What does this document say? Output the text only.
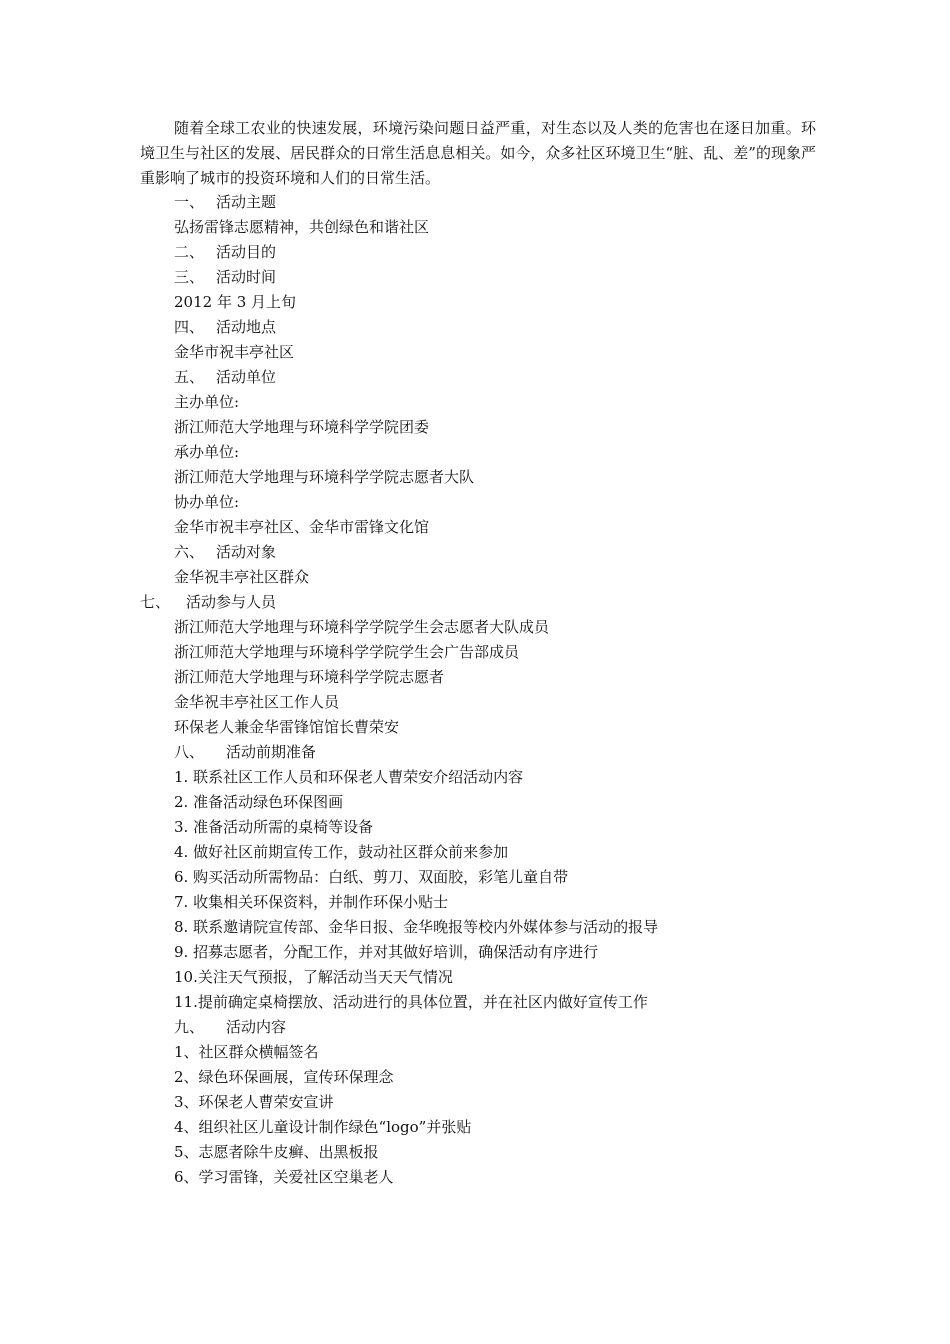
随着全球工农业的快速发展，环境污染问题日益严重，对生态以及人类的危害也在逐日加重。环境卫生与社区的发展、居民群众的日常生活息息相关。如今，众多社区环境卫生“脏、乱、差”的现象严重影响了城市的投资环境和人们的日常生活。

一、 活动主题
弘扬雷锋志愿精神，共创绿色和谐社区
二、 活动目的
三、 活动时间
2012 年 3 月上旬
四、 活动地点
金华市祝丰亭社区
五、 活动单位
主办单位:
浙江师范大学地理与环境科学学院团委
承办单位:
浙江师范大学地理与环境科学学院志愿者大队
协办单位:
金华市祝丰亭社区、金华市雷锋文化馆
六、 活动对象
金华祝丰亭社区群众
七、 活动参与人员
浙江师范大学地理与环境科学学院学生会志愿者大队成员
浙江师范大学地理与环境科学学院学生会广告部成员
浙江师范大学地理与环境科学学院志愿者
金华祝丰亭社区工作人员
环保老人兼金华雷锋馆馆长曹荣安
八、 活动前期准备
1. 联系社区工作人员和环保老人曹荣安介绍活动内容
2. 准备活动绿色环保图画
3. 准备活动所需的桌椅等设备
4. 做好社区前期宣传工作，鼓动社区群众前来参加
6. 购买活动所需物品：白纸、剪刀、双面胶，彩笔儿童自带
7. 收集相关环保资料，并制作环保小贴士
8. 联系邀请院宣传部、金华日报、金华晚报等校内外媒体参与活动的报导
9. 招募志愿者，分配工作，并对其做好培训，确保活动有序进行
10.关注天气预报，了解活动当天天气情况
11.提前确定桌椅摆放、活动进行的具体位置，并在社区内做好宣传工作
九、 活动内容
1、社区群众横幅签名
2、绿色环保画展，宣传环保理念
3、环保老人曹荣安宣讲
4、组织社区儿童设计制作绿色“logo”并张贴
5、志愿者除牛皮癣、出黑板报
6、学习雷锋，关爱社区空巢老人
